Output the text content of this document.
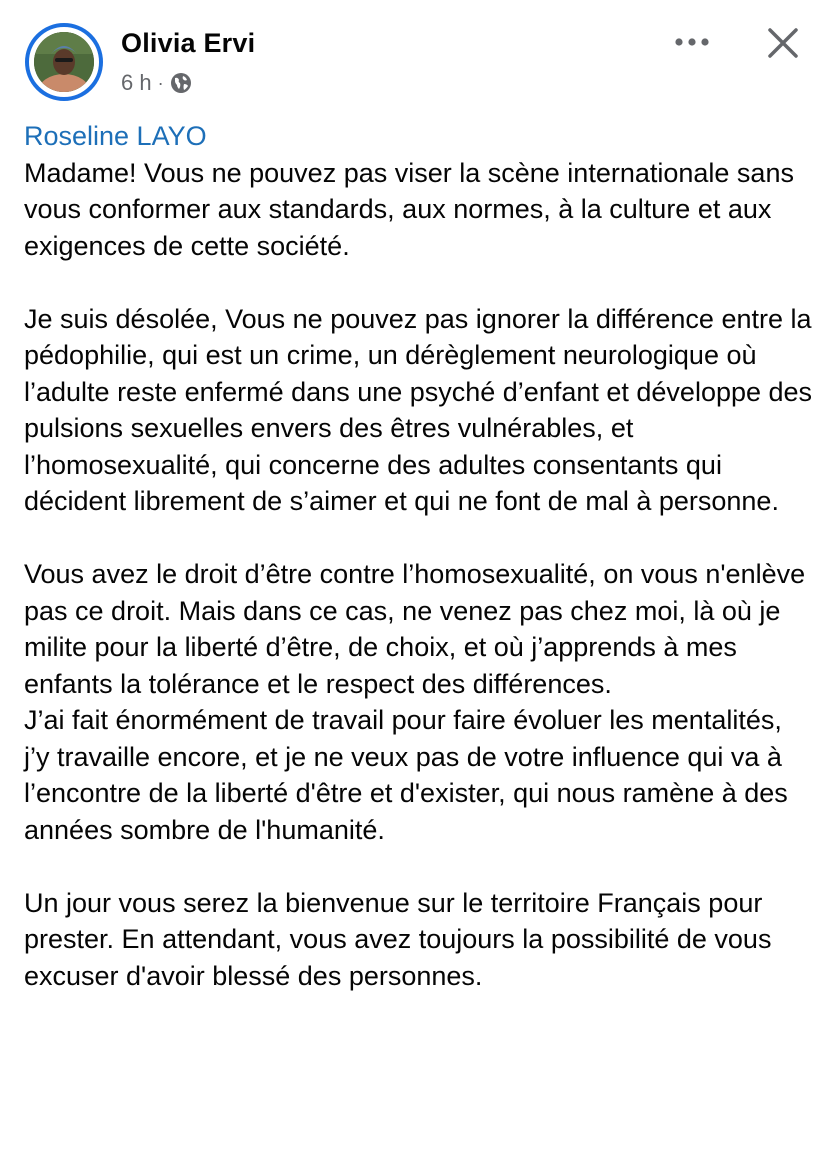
Olivia Ervi
6 h ·
Roseline LAYO

Madame! Vous ne pouvez pas viser la scène internationale sans vous conformer aux standards, aux normes, à la culture et aux exigences de cette société.

Je suis désolée, Vous ne pouvez pas ignorer la différence entre la pédophilie, qui est un crime, un dérèglement neurologique où l’adulte reste enfermé dans une psyché d’enfant et développe des pulsions sexuelles envers des êtres vulnérables, et l’homosexualité, qui concerne des adultes consentants qui décident librement de s’aimer et qui ne font de mal à personne.

Vous avez le droit d’être contre l’homosexualité, on vous n'enlève pas ce droit. Mais dans ce cas, ne venez pas chez moi, là où je milite pour la liberté d’être, de choix, et où j’apprends à mes enfants la tolérance et le respect des différences.

J’ai fait énormément de travail pour faire évoluer les mentalités, j’y travaille encore, et je ne veux pas de votre influence qui va à l’encontre de la liberté d'être et d'exister, qui nous ramène à des années sombre de l'humanité.

Un jour vous serez la bienvenue sur le territoire Français pour prester. En attendant, vous avez toujours la possibilité de vous excuser d'avoir blessé des personnes.
